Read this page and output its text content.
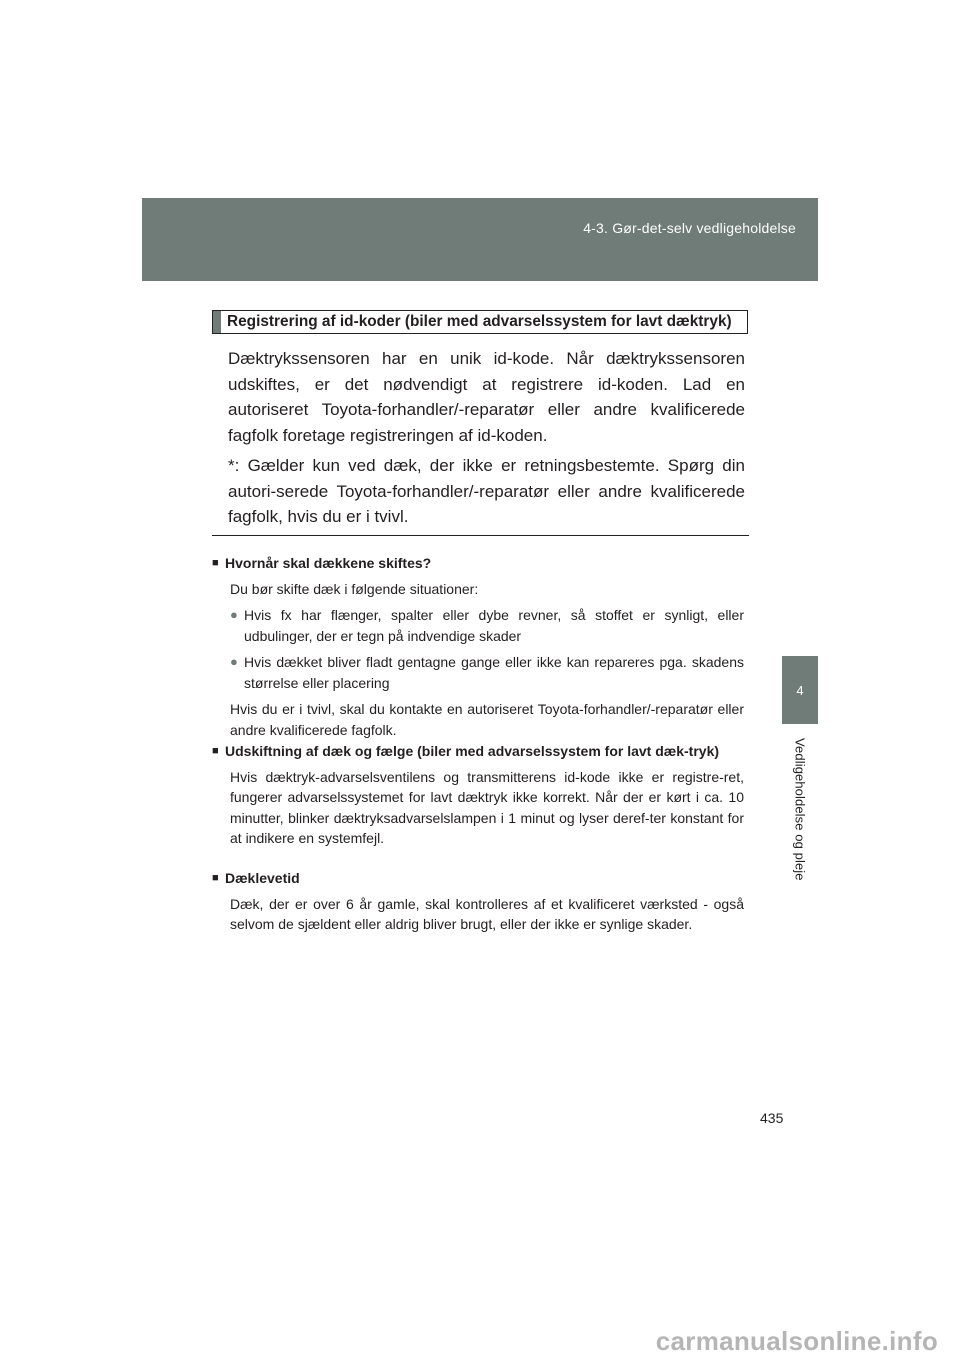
4-3. Gør-det-selv vedligeholdelse
4
Vedligeholdelse og pleje
Registrering af id-koder (biler med advarselssystem for lavt dæktryk)

Dæktrykssensoren har en unik id-kode. Når dæktrykssensoren udskiftes, er det nødvendigt at registrere id-koden. Lad en autoriseret Toyota-forhandler/-reparatør eller andre kvalificerede fagfolk foretage registreringen af id-koden.

*: Gælder kun ved dæk, der ikke er retningsbestemte. Spørg din autori-serede Toyota-forhandler/-reparatør eller andre kvalificerede fagfolk, hvis du er i tvivl.

■ Hvornår skal dækkene skiftes?
Du bør skifte dæk i følgende situationer:
● Hvis fx har flænger, spalter eller dybe revner, så stoffet er synligt, eller udbulinger, der er tegn på indvendige skader
● Hvis dækket bliver fladt gentagne gange eller ikke kan repareres pga. skadens størrelse eller placering
Hvis du er i tvivl, skal du kontakte en autoriseret Toyota-forhandler/-reparatør eller andre kvalificerede fagfolk.
■ Udskiftning af dæk og fælge (biler med advarselssystem for lavt dæk-tryk)
Hvis dæktryk-advarselsventilens og transmitterens id-kode ikke er registre-ret, fungerer advarselssystemet for lavt dæktryk ikke korrekt. Når der er kørt i ca. 10 minutter, blinker dæktryksadvarselslampen i 1 minut og lyser deref-ter konstant for at indikere en systemfejl.
■ Dæklevetid
Dæk, der er over 6 år gamle, skal kontrolleres af et kvalificeret værksted - også selvom de sjældent eller aldrig bliver brugt, eller der ikke er synlige skader.
435
carmanualsonline.info
